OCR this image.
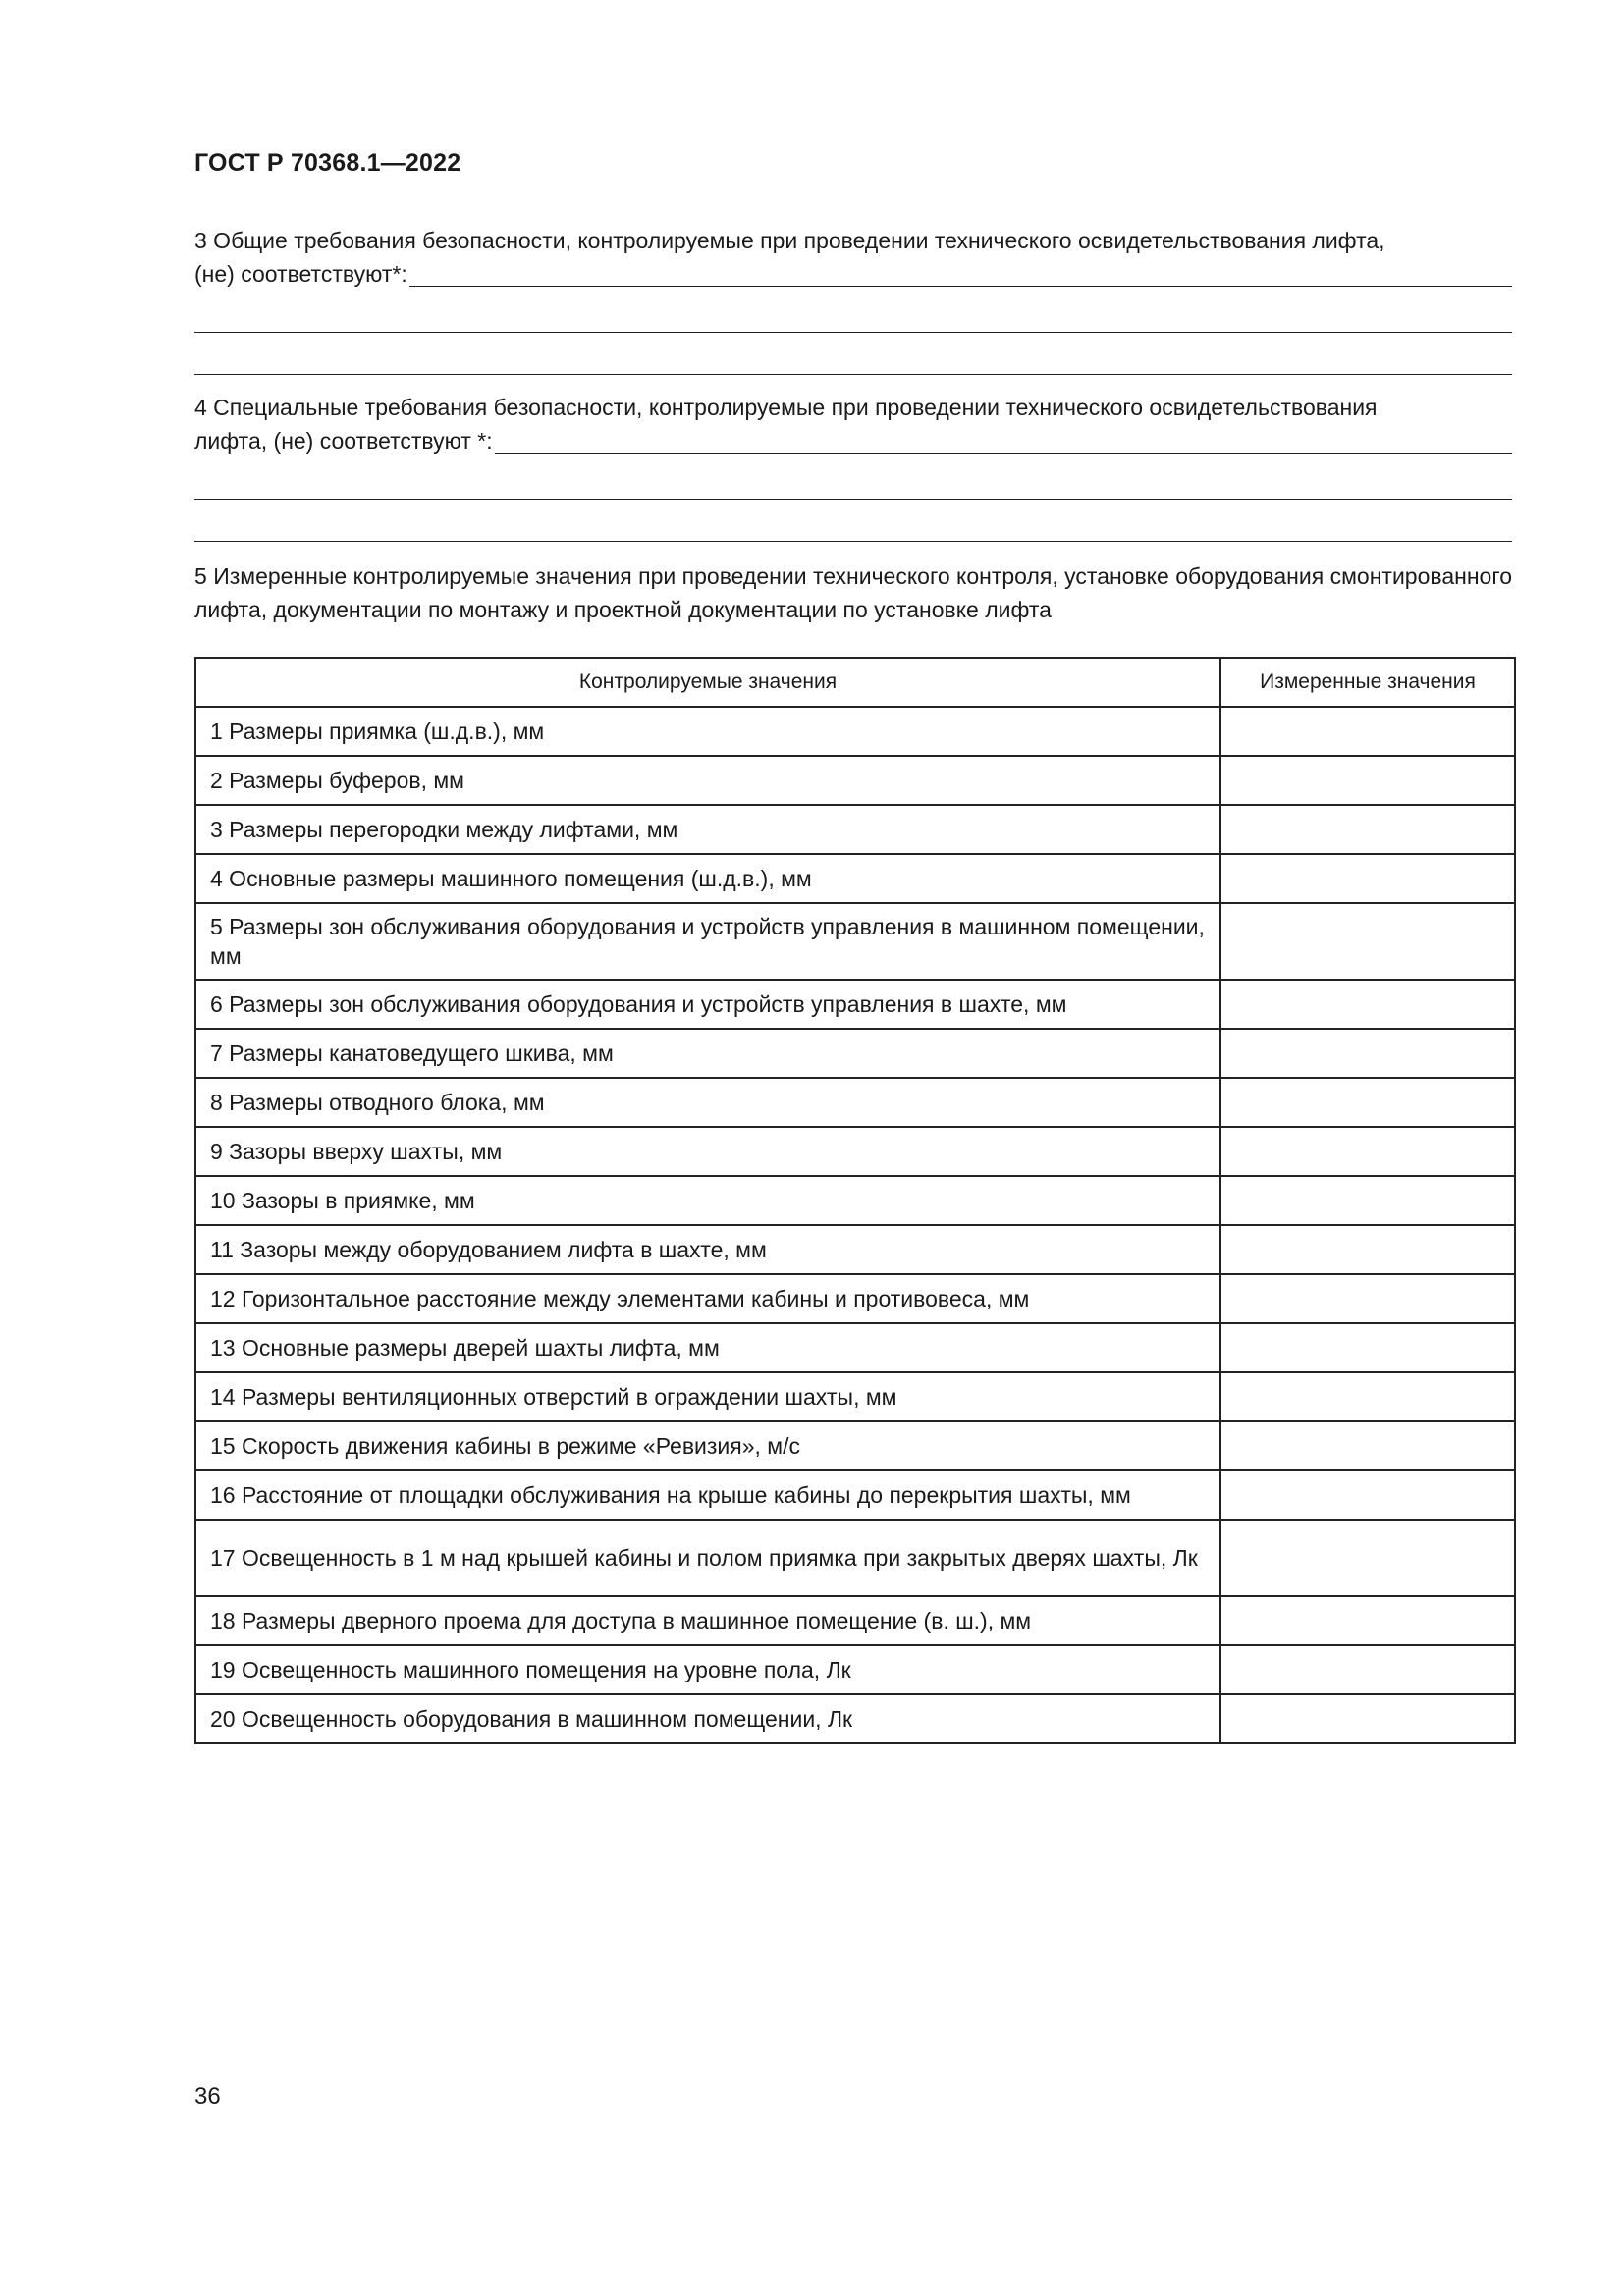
ГОСТ Р 70368.1—2022

3 Общие требования безопасности, контролируемые при проведении технического освидетельствования лифта,

(не) соответствуют*:

4 Специальные требования безопасности, контролируемые при проведении технического освидетельствования

лифта, (не) соответствуют *:

5 Измеренные контролируемые значения при проведении технического контроля, установке оборудования смонтированного лифта, документации по монтажу и проектной документации по установке лифта

Контролируемые значения	Измеренные значения
1 Размеры приямка (ш.д.в.), мм	
2 Размеры буферов, мм	
3 Размеры перегородки между лифтами, мм	
4 Основные размеры машинного помещения (ш.д.в.), мм	
5 Размеры зон обслуживания оборудования и устройств управления в машинном помещении, мм	
6 Размеры зон обслуживания оборудования и устройств управления в шахте, мм	
7 Размеры канатоведущего шкива, мм	
8 Размеры отводного блока, мм	
9 Зазоры вверху шахты, мм	
10 Зазоры в приямке, мм	
11 Зазоры между оборудованием лифта в шахте, мм	
12 Горизонтальное расстояние между элементами кабины и противовеса, мм	
13 Основные размеры дверей шахты лифта, мм	
14 Размеры вентиляционных отверстий в ограждении шахты, мм	
15 Скорость движения кабины в режиме «Ревизия», м/с	
16 Расстояние от площадки обслуживания на крыше кабины до перекрытия шахты, мм	
17 Освещенность в 1 м над крышей кабины и полом приямка при закрытых дверях шахты, Лк	
18 Размеры дверного проема для доступа в машинное помещение (в. ш.), мм	
19 Освещенность машинного помещения на уровне пола, Лк	
20 Освещенность оборудования в машинном помещении, Лк	
36
